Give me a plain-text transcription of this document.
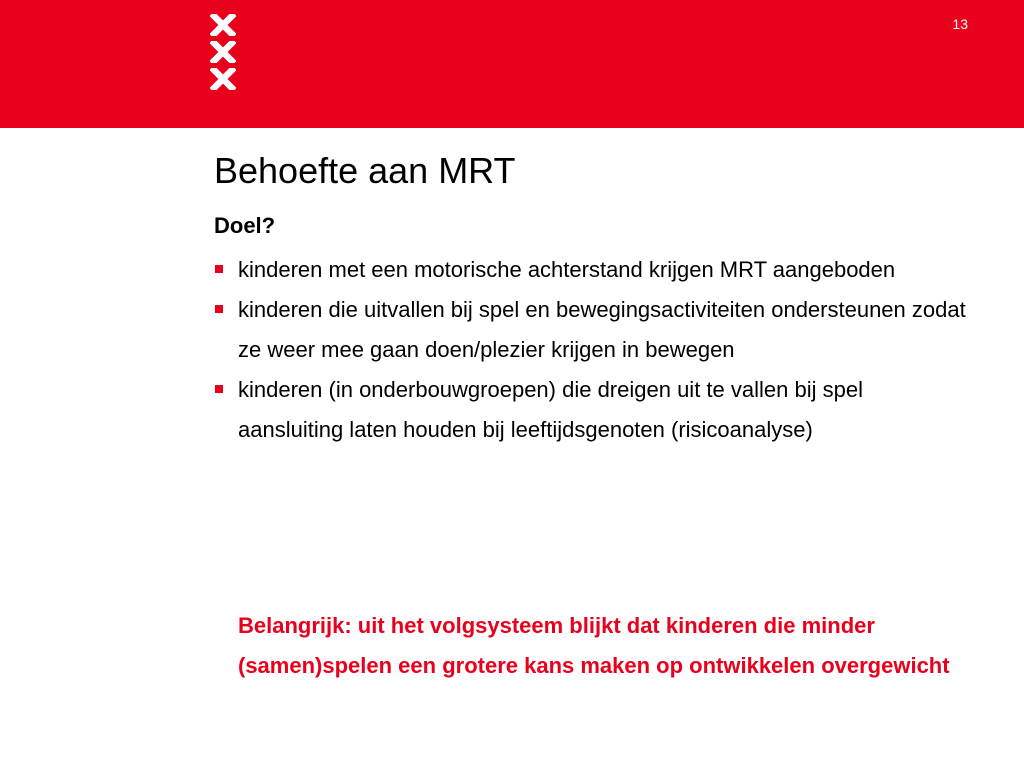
13
Behoefte aan MRT

Doel?

kinderen met een motorische achterstand krijgen MRT aangeboden
kinderen die uitvallen bij spel en bewegingsactiviteiten ondersteunen zodat ze weer mee gaan doen/plezier krijgen in bewegen
kinderen (in onderbouwgroepen) die dreigen uit te vallen bij spel aansluiting laten houden bij leeftijdsgenoten (risicoanalyse)

Belangrijk: uit het volgsysteem blijkt dat kinderen die minder (samen)spelen een grotere kans maken op ontwikkelen overgewicht
